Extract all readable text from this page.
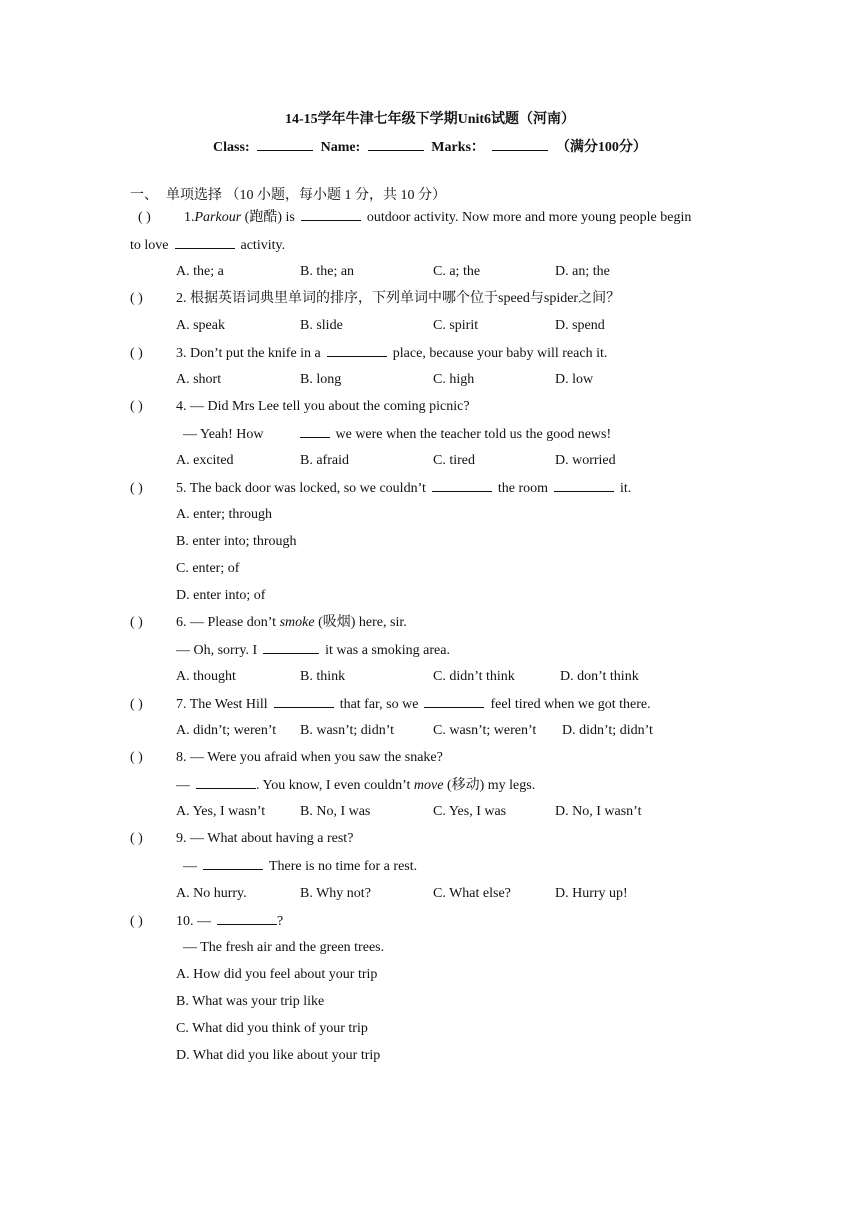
14-15学年牛津七年级下学期Unit6试题（河南）
Class:	Name:	Marks：	（满分100分）
一、 单项选择 （10 小题，每小题 1 分，共 10 分）
( ) 1.Parkour (跑酷) is	outdoor activity. Now more and more young people begin
to love	activity.
A. the; a	B. the; an	C. a; the	D. an; the
( ) 2. 根据英语词典里单词的排序，下列单词中哪个位于speed与spider之间？
A. speak	B. slide	C. spirit	D. spend
( ) 3. Don’t put the knife in a	place, because your baby will reach it.
A. short	B. long	C. high	D. low
( ) 4. — Did Mrs Lee tell you about the coming picnic?
— Yeah! How	we were when the teacher told us the good news!
A. excited	B. afraid	C. tired	D. worried
( ) 5. The back door was locked, so we couldn’t	the room	it.
A. enter; through
B. enter into; through
C. enter; of
D. enter into; of
( ) 6. — Please don’t smoke (吸烟) here, sir.
— Oh, sorry. I	it was a smoking area.
A. thought	B. think	C. didn’t think	D. don’t think
( ) 7. The West Hill	that far, so we	feel tired when we got there.
A. didn’t; weren’t B. wasn’t; didn’t	C. wasn’t; weren’t D. didn’t; didn’t
( ) 8. — Were you afraid when you saw the snake?
—	. You know, I even couldn’t move (移动) my legs.
A. Yes, I wasn’t B. No, I was	C. Yes, I was	D. No, I wasn’t
( ) 9. — What about having a rest?
—	There is no time for a rest.
A. No hurry.	B. Why not?	C. What else?	D. Hurry up!
( ) 10. —	?
— The fresh air and the green trees.
A. How did you feel about your trip
B. What was your trip like
C. What did you think of your trip
D. What did you like about your trip
